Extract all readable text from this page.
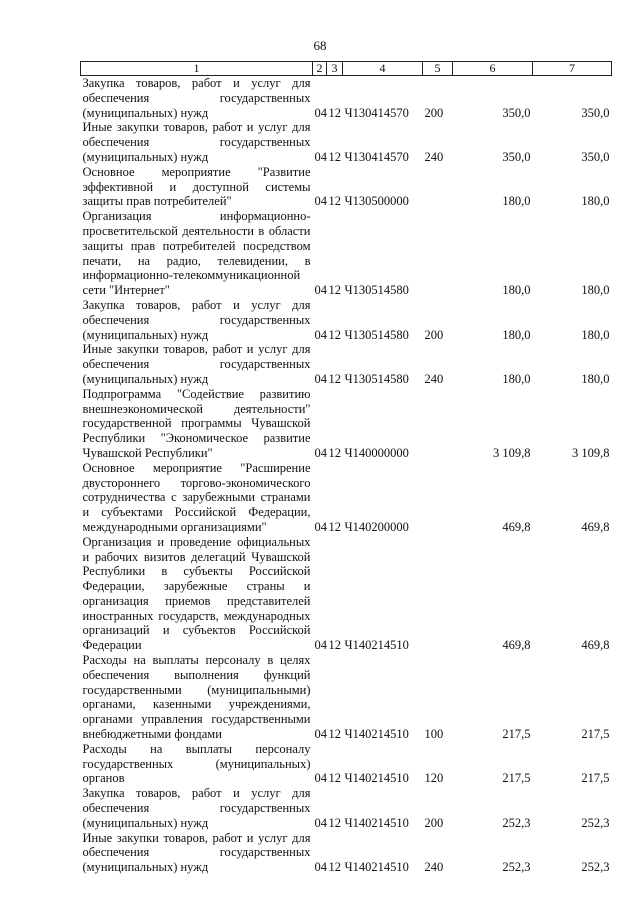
68
1	2	3	4	5	6	7
Закупка товаров, работ и услуг для обеспечения государственных (муниципальных) нужд	04	12	Ч130414570	200	350,0	350,0
Иные закупки товаров, работ и услуг для обеспечения государственных (муниципальных) нужд	04	12	Ч130414570	240	350,0	350,0
Основное мероприятие "Развитие эффективной и доступной системы защиты прав потребителей"	04	12	Ч130500000		180,0	180,0
Организация информационно-просветительской деятельности в области защиты прав потребителей посредством печати, на радио, телевидении, в информационно-телекоммуникационной сети "Интернет"	04	12	Ч130514580		180,0	180,0
Закупка товаров, работ и услуг для обеспечения государственных (муниципальных) нужд	04	12	Ч130514580	200	180,0	180,0
Иные закупки товаров, работ и услуг для обеспечения государственных (муниципальных) нужд	04	12	Ч130514580	240	180,0	180,0
Подпрограмма "Содействие развитию внешнеэкономической деятельности" государственной программы Чувашской Республики "Экономическое развитие Чувашской Республики"	04	12	Ч140000000		3 109,8	3 109,8
Основное мероприятие "Расширение двустороннего торгово-экономического сотрудничества с зарубежными странами и субъектами Российской Федерации, международными организациями"	04	12	Ч140200000		469,8	469,8
Организация и проведение официальных и рабочих визитов делегаций Чувашской Республики в субъекты Российской Федерации, зарубежные страны и организация приемов представителей иностранных государств, международных организаций и субъектов Российской Федерации	04	12	Ч140214510		469,8	469,8
Расходы на выплаты персоналу в целях обеспечения выполнения функций государственными (муниципальными) органами, казенными учреждениями, органами управления государственными внебюджетными фондами	04	12	Ч140214510	100	217,5	217,5
Расходы на выплаты персоналу государственных (муниципальных) органов	04	12	Ч140214510	120	217,5	217,5
Закупка товаров, работ и услуг для обеспечения государственных (муниципальных) нужд	04	12	Ч140214510	200	252,3	252,3
Иные закупки товаров, работ и услуг для обеспечения государственных (муниципальных) нужд	04	12	Ч140214510	240	252,3	252,3
